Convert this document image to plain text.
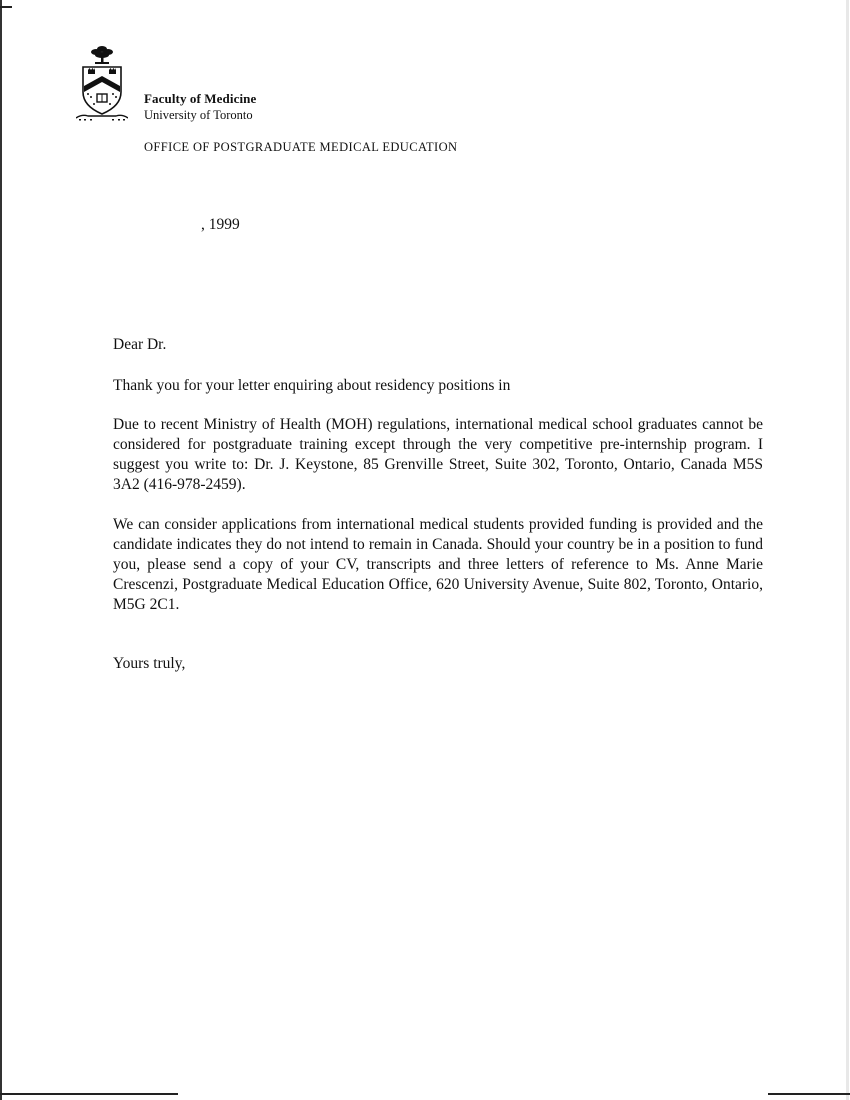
Faculty of Medicine
University of Toronto
OFFICE OF POSTGRADUATE MEDICAL EDUCATION
, 1999
Dear Dr.
Thank you for your letter enquiring about residency positions in
Due to recent Ministry of Health (MOH) regulations, international medical school graduates cannot be considered for postgraduate training except through the very competitive pre-internship program. I suggest you write to: Dr. J. Keystone, 85 Grenville Street, Suite 302, Toronto, Ontario, Canada M5S 3A2 (416-978-2459).
We can consider applications from international medical students provided funding is provided and the candidate indicates they do not intend to remain in Canada. Should your country be in a position to fund you, please send a copy of your CV, transcripts and three letters of reference to Ms. Anne Marie Crescenzi, Postgraduate Medical Education Office, 620 University Avenue, Suite 802, Toronto, Ontario, M5G 2C1.
Yours truly,
